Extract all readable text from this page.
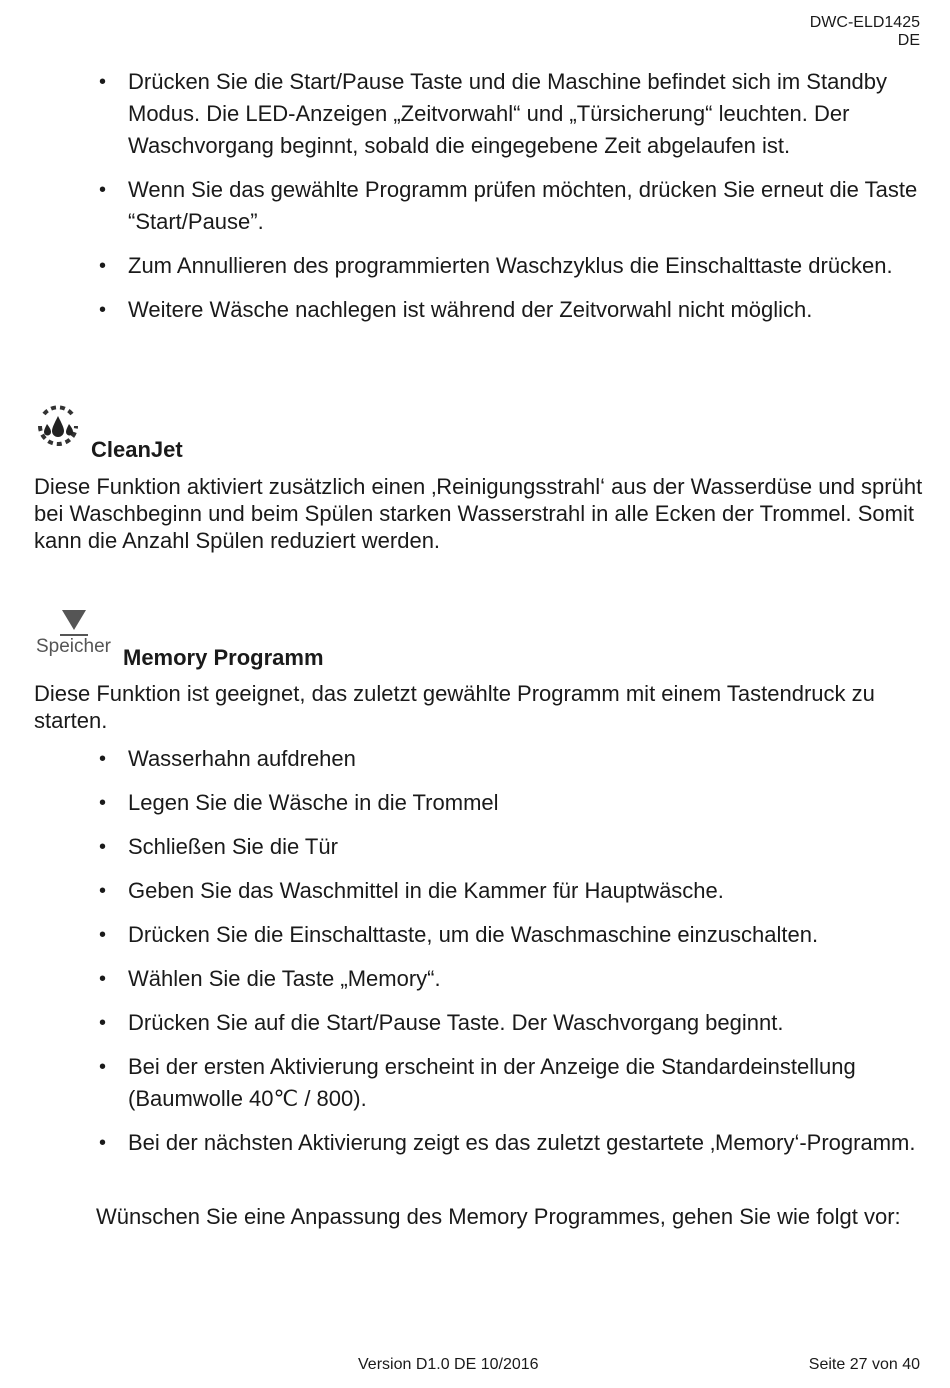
DWC-ELD1425
DE
• Drücken Sie die Start/Pause Taste und die Maschine befindet sich im Standby Modus. Die LED-Anzeigen „Zeitvorwahl“ und „Türsicherung“ leuchten. Der Waschvorgang beginnt, sobald die eingegebene Zeit abgelaufen ist.
• Wenn Sie das gewählte Programm prüfen möchten, drücken Sie erneut die Taste “Start/Pause”.
• Zum Annullieren des programmierten Waschzyklus die Einschalttaste drücken.
• Weitere Wäsche nachlegen ist während der Zeitvorwahl nicht möglich.
CleanJet
Diese Funktion aktiviert zusätzlich einen ‚Reinigungsstrahl‘ aus der Wasserdüse und sprüht bei Waschbeginn und beim Spülen starken Wasserstrahl in alle Ecken der Trommel. Somit kann die Anzahl Spülen reduziert werden.
Speicher Memory Programm
Diese Funktion ist geeignet, das zuletzt gewählte Programm mit einem Tastendruck zu starten.
• Wasserhahn aufdrehen
• Legen Sie die Wäsche in die Trommel
• Schließen Sie die Tür
• Geben Sie das Waschmittel in die Kammer für Hauptwäsche.
• Drücken Sie die Einschalttaste, um die Waschmaschine einzuschalten.
• Wählen Sie die Taste „Memory“.
• Drücken Sie auf die Start/Pause Taste. Der Waschvorgang beginnt.
• Bei der ersten Aktivierung erscheint in der Anzeige die Standardeinstellung (Baumwolle 40℃ / 800).
• Bei der nächsten Aktivierung zeigt es das zuletzt gestartete ‚Memory‘-Programm.
Wünschen Sie eine Anpassung des Memory Programmes, gehen Sie wie folgt vor:
Version D1.0 DE 10/2016	Seite 27 von 40
